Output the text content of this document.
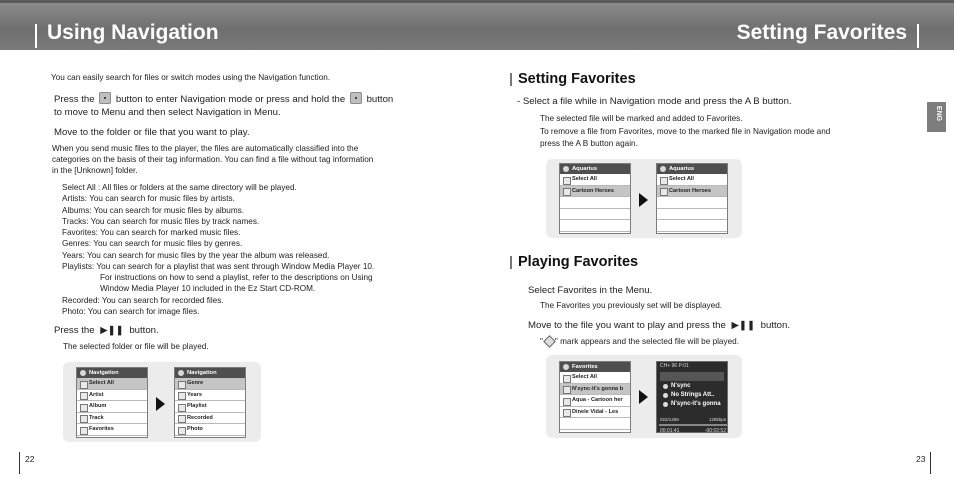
Using Navigation	Setting Favorites
You can easily search for files or switch modes using the Navigation function.
Press the button to enter Navigation mode or press and hold the button
to move to Menu and then select Navigation in Menu.
Move to the folder or file that you want to play.
When you send music files to the player, the files are automatically classified into the
categories on the basis of their tag information. You can find a file without tag information
in the [Unknown] folder.
Select All : All files or folders at the same directory will be played.
Artists: You can search for music files by artists.
Albums: You can search for music files by albums.
Tracks: You can search for music files by track names.
Favorites: You can search for marked music files.
Genres: You can search for music files by genres.
Years: You can search for music files by the year the album was released.
Playlists: You can search for a playlist that was sent through Window Media Player 10.
For instructions on how to send a playlist, refer to the descriptions on Using
Window Media Player 10 included in the Ez Start CD-ROM.
Recorded: You can search for recorded files.
Photo: You can search for image files.
Press the ▶❚❚ button.
The selected folder or file will be played.
Navigation
Select All
Artist
Album
Track
Favorites
Navigation
Genre
Years
Playlist
Recorded
Photo
22
ENG
Setting Favorites
- Select a file while in Navigation mode and press the A B button.
The selected file will be marked and added to Favorites.
To remove a file from Favorites, move to the marked file in Navigation mode and
press the A B button again.
Aquarius
Select All
Cartoon Heroes
Aquarius
Select All
Cartoon Heroes
Playing Favorites
Select Favorites in the Menu.
The Favorites you previously set will be displayed.
Move to the file you want to play and press the ▶❚❚ button.
" " mark appears and the selected file will be played.
Favorites
Select All
N'sync-it's gonna b
Aqua - Cartoon her
Dinele Vidal - Les
CH+ 96 P:01
N'sync
No Strings Att..
N'sync-it's gonna
022/1459	128kbps
00:01:41	-00:02:52
23
